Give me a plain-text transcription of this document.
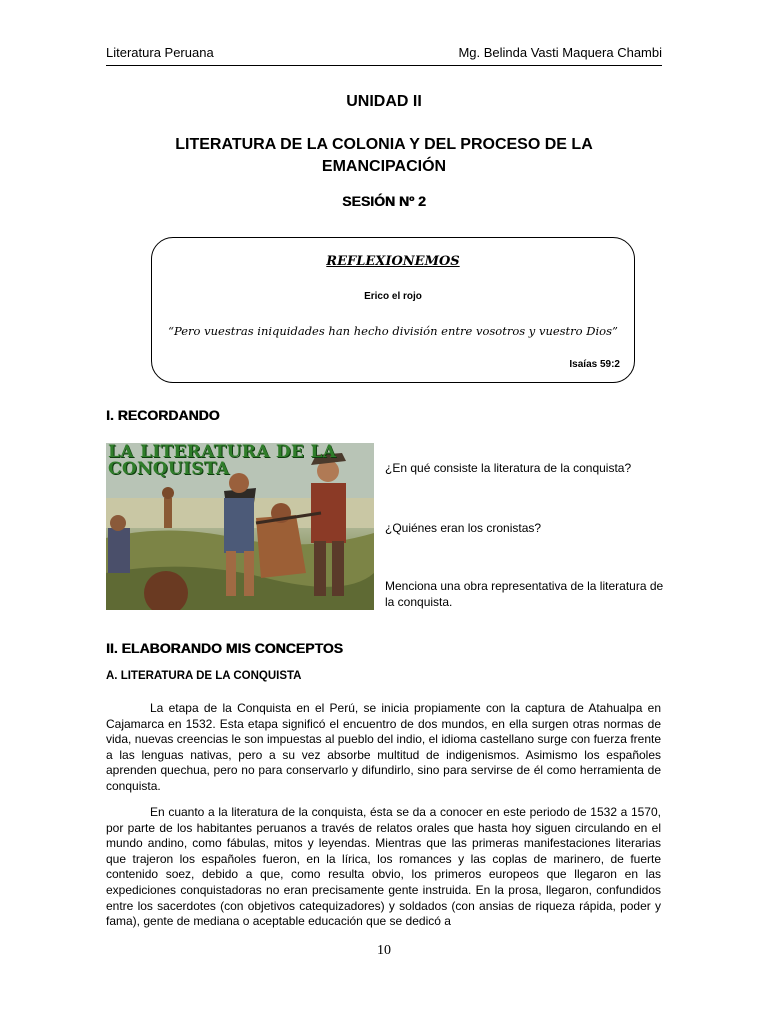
Literatura Peruana	Mg. Belinda Vasti Maquera Chambi
UNIDAD II
LITERATURA DE LA COLONIA Y DEL PROCESO DE LA
EMANCIPACIÓN
SESIÓN Nº 2
REFLEXIONEMOS
Erico el rojo
“Pero vuestras iniquidades han hecho división entre vosotros y vuestro Dios”
Isaías 59:2
I. RECORDANDO
LA LITERATURA DE LA
CONQUISTA	¿En qué consiste la literatura de la conquista?
¿Quiénes eran los cronistas?
Menciona una obra representativa de la literatura de la conquista.
II. ELABORANDO MIS CONCEPTOS
A. LITERATURA DE LA CONQUISTA

La etapa de la Conquista en el Perú, se inicia propiamente con la captura de Atahualpa en Cajamarca en 1532. Esta etapa significó el encuentro de dos mundos, en ella surgen otras normas de vida, nuevas creencias le son impuestas al pueblo del indio, el idioma castellano surge con fuerza frente a las lenguas nativas, pero a su vez absorbe multitud de indigenismos. Asimismo los españoles aprenden quechua, pero no para conservarlo y difundirlo, sino para servirse de él como herramienta de conquista.

En cuanto a la literatura de la conquista, ésta se da a conocer en este periodo de 1532 a 1570, por parte de los habitantes peruanos a través de relatos orales que hasta hoy siguen circulando en el mundo andino, como fábulas, mitos y leyendas. Mientras que las primeras manifestaciones literarias que trajeron los españoles fueron, en la lírica, los romances y las coplas de marinero, de fuerte contenido soez, debido a que, como resulta obvio, los primeros europeos que llegaron en las expediciones conquistadoras no eran precisamente gente instruida. En la prosa, llegaron, confundidos entre los sacerdotes (con objetivos catequizadores) y soldados (con ansias de riqueza rápida, poder y fama), gente de mediana o aceptable educación que se dedicó a

10
